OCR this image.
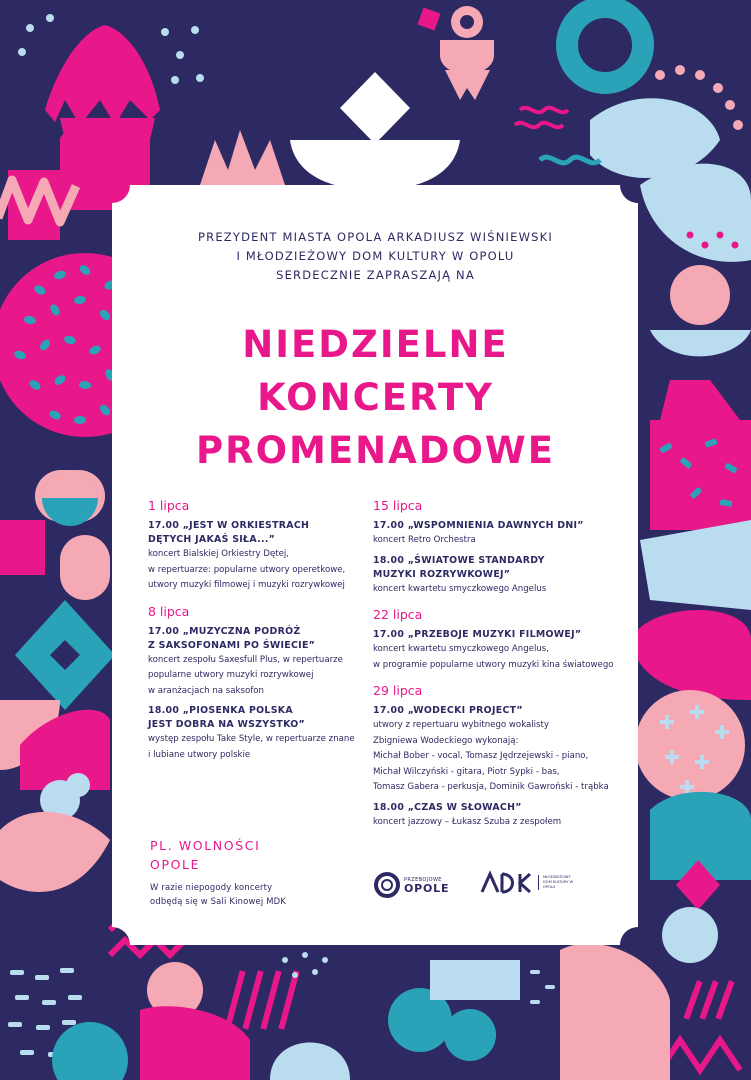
PREZYDENT MIASTA OPOLA ARKADIUSZ WIŚNIEWSKI
I MŁODZIEŻOWY DOM KULTURY W OPOLU
SERDECZNIE ZAPRASZAJĄ NA
NIEDZIELNE
KONCERTY
PROMENADOWE
1 lipca
17.00 „JEST W ORKIESTRACH
DĘTYCH JAKAŚ SIŁA...”
koncert Bialskiej Orkiestry Dętej,
w repertuarze: popularne utwory operetkowe,
utwory muzyki filmowej i muzyki rozrywkowej
8 lipca
17.00 „MUZYCZNA PODRÓŻ
Z SAKSOFONAMI PO ŚWIECIE”
koncert zespołu Saxesfull Plus, w repertuarze
popularne utwory muzyki rozrywkowej
w aranżacjach na saksofon
18.00 „PIOSENKA POLSKA
JEST DOBRA NA WSZYSTKO”
występ zespołu Take Style, w repertuarze znane
i lubiane utwory polskie
15 lipca
17.00 „WSPOMNIENIA DAWNYCH DNI”
koncert Retro Orchestra
18.00 „ŚWIATOWE STANDARDY
MUZYKI ROZRYWKOWEJ”
koncert kwartetu smyczkowego Angelus
22 lipca
17.00 „PRZEBOJE MUZYKI FILMOWEJ”
koncert kwartetu smyczkowego Angelus,
w programie popularne utwory muzyki kina światowego
29 lipca
17.00 „WODECKI PROJECT”
utwory z repertuaru wybitnego wokalisty
Zbigniewa Wodeckiego wykonają:
Michał Bober - vocal, Tomasz Jędrzejewski - piano,
Michał Wilczyński - gitara, Piotr Sypki - bas,
Tomasz Gabera - perkusja, Dominik Gawroński - trąbka
18.00 „CZAS W SŁOWACH”
koncert jazzowy – Łukasz Szuba z zespołem
PL. WOLNOŚCI
OPOLE
W razie niepogody koncerty
odbędą się w Sali Kinowej MDK
PRZEBOJOWE
OPOLE
MŁODZIEŻOWY DOM KULTURY W OPOLU
